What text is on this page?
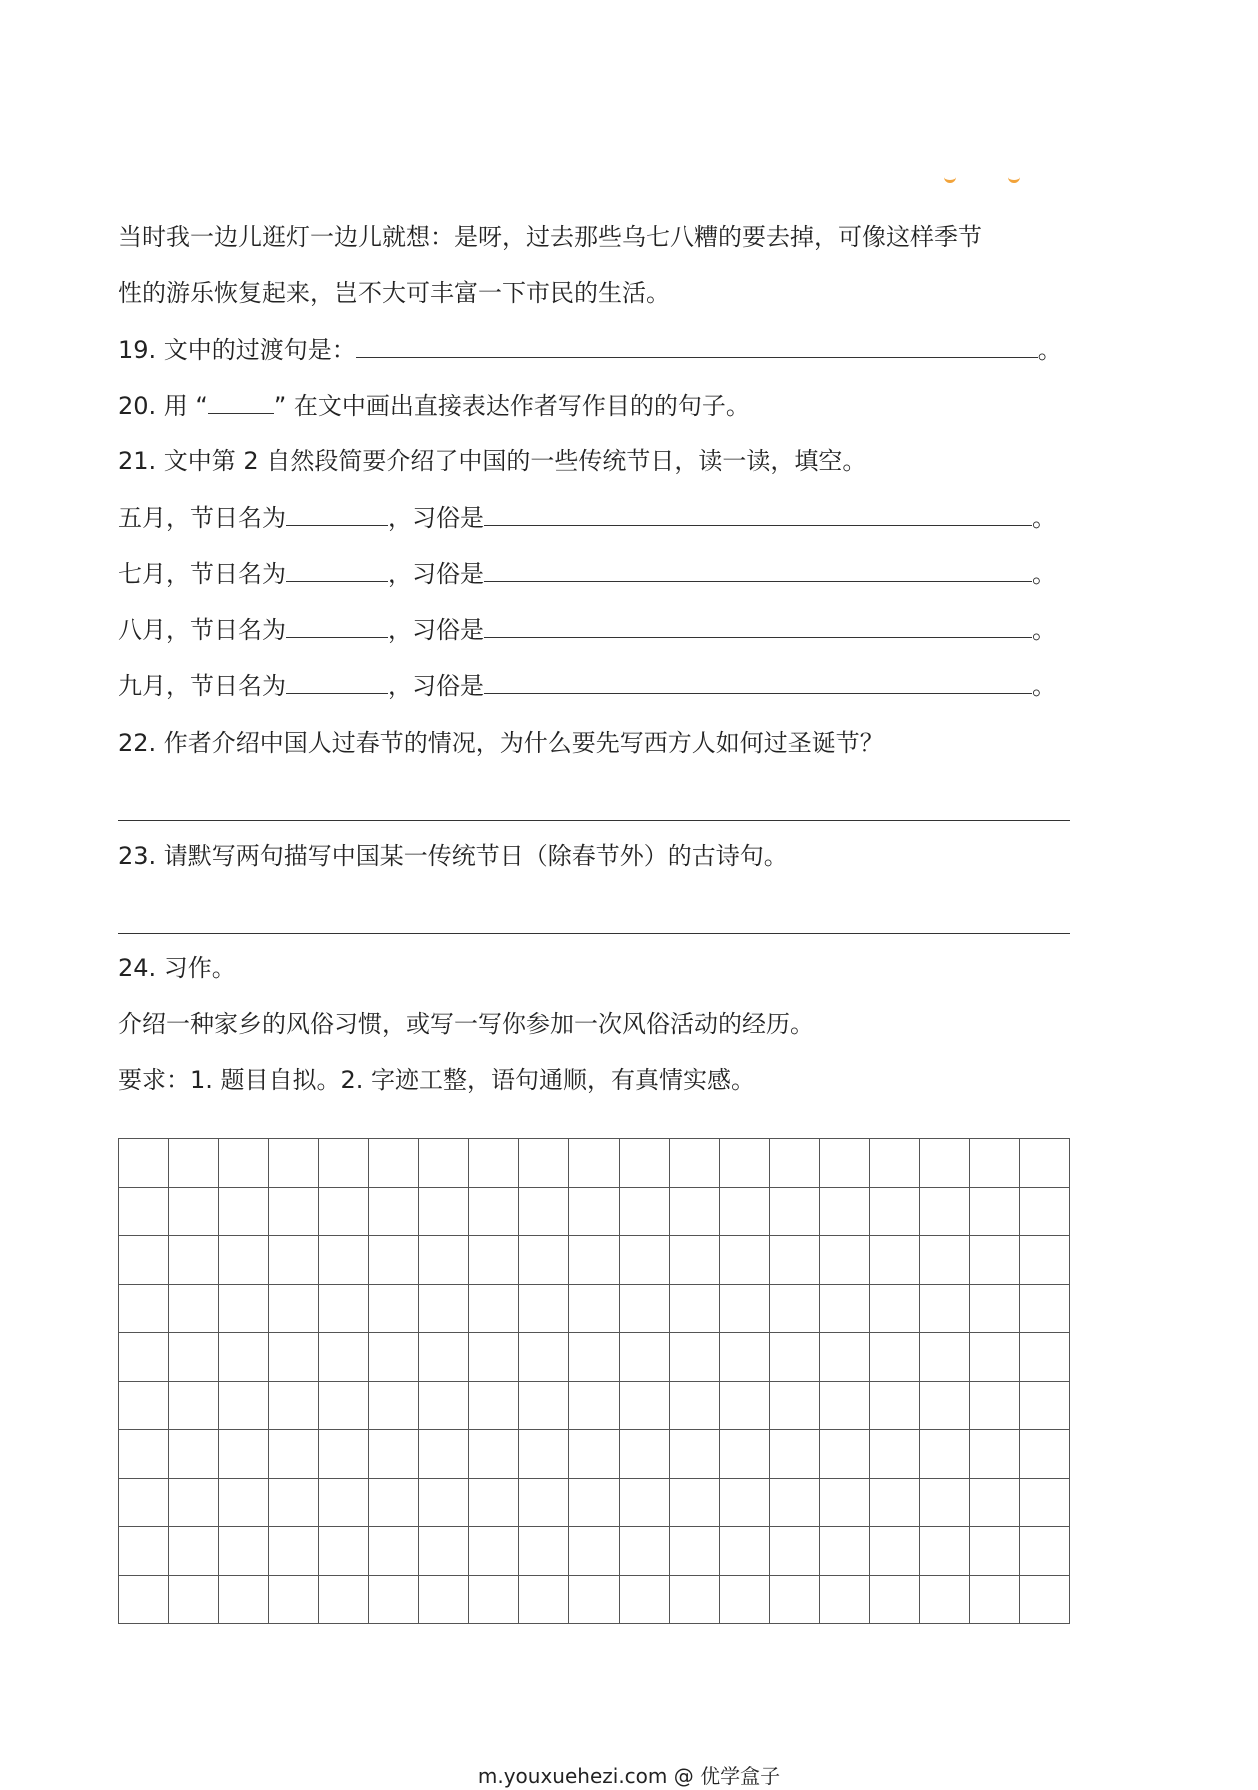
当时我一边儿逛灯一边儿就想：是呀，过去那些乌七八糟的要去掉，可像这样季节
性的游乐恢复起来，岂不大可丰富一下市民的生活。
19. 文中的过渡句是：	。
20. 用 “	” 在文中画出直接表达作者写作目的的句子。
21. 文中第 2 自然段简要介绍了中国的一些传统节日，读一读，填空。
五月，节日名为	，习俗是	。
七月，节日名为	，习俗是	。
八月，节日名为	，习俗是	。
九月，节日名为	，习俗是	。
22. 作者介绍中国人过春节的情况，为什么要先写西方人如何过圣诞节？
23. 请默写两句描写中国某一传统节日（除春节外）的古诗句。
24. 习作。
介绍一种家乡的风俗习惯，或写一写你参加一次风俗活动的经历。
要求：1. 题目自拟。2. 字迹工整，语句通顺，有真情实感。
m.youxuehezi.com @ 优学盒子
